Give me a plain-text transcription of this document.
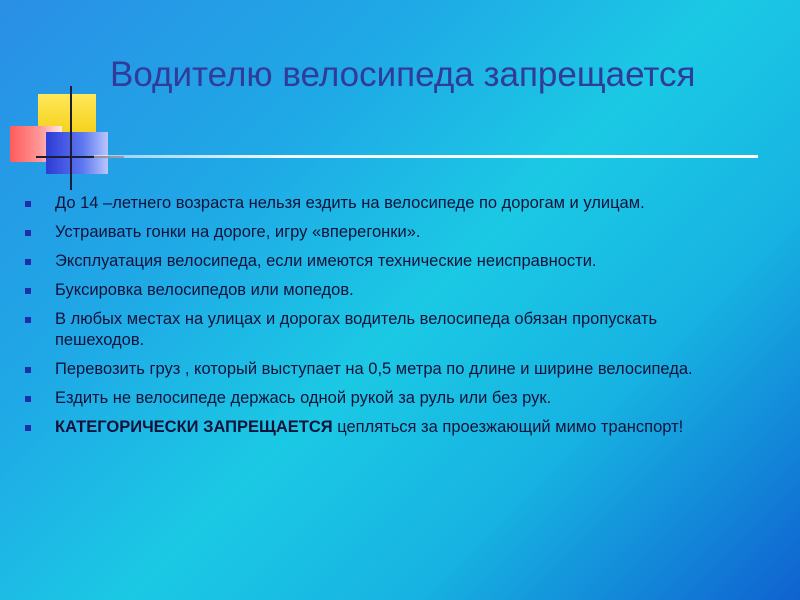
Водителю велосипеда запрещается
До 14 –летнего возраста нельзя ездить на велосипеде по дорогам и улицам.
Устраивать гонки на дороге, игру «вперегонки».
Эксплуатация велосипеда, если имеются технические неисправности.
Буксировка велосипедов или мопедов.
В любых местах на улицах и дорогах водитель велосипеда обязан пропускать пешеходов.
Перевозить груз , который выступает на 0,5 метра по длине и ширине велосипеда.
Ездить не велосипеде держась одной рукой за руль или без рук.
КАТЕГОРИЧЕСКИ ЗАПРЕЩАЕТСЯ цепляться за проезжающий мимо транспорт!
